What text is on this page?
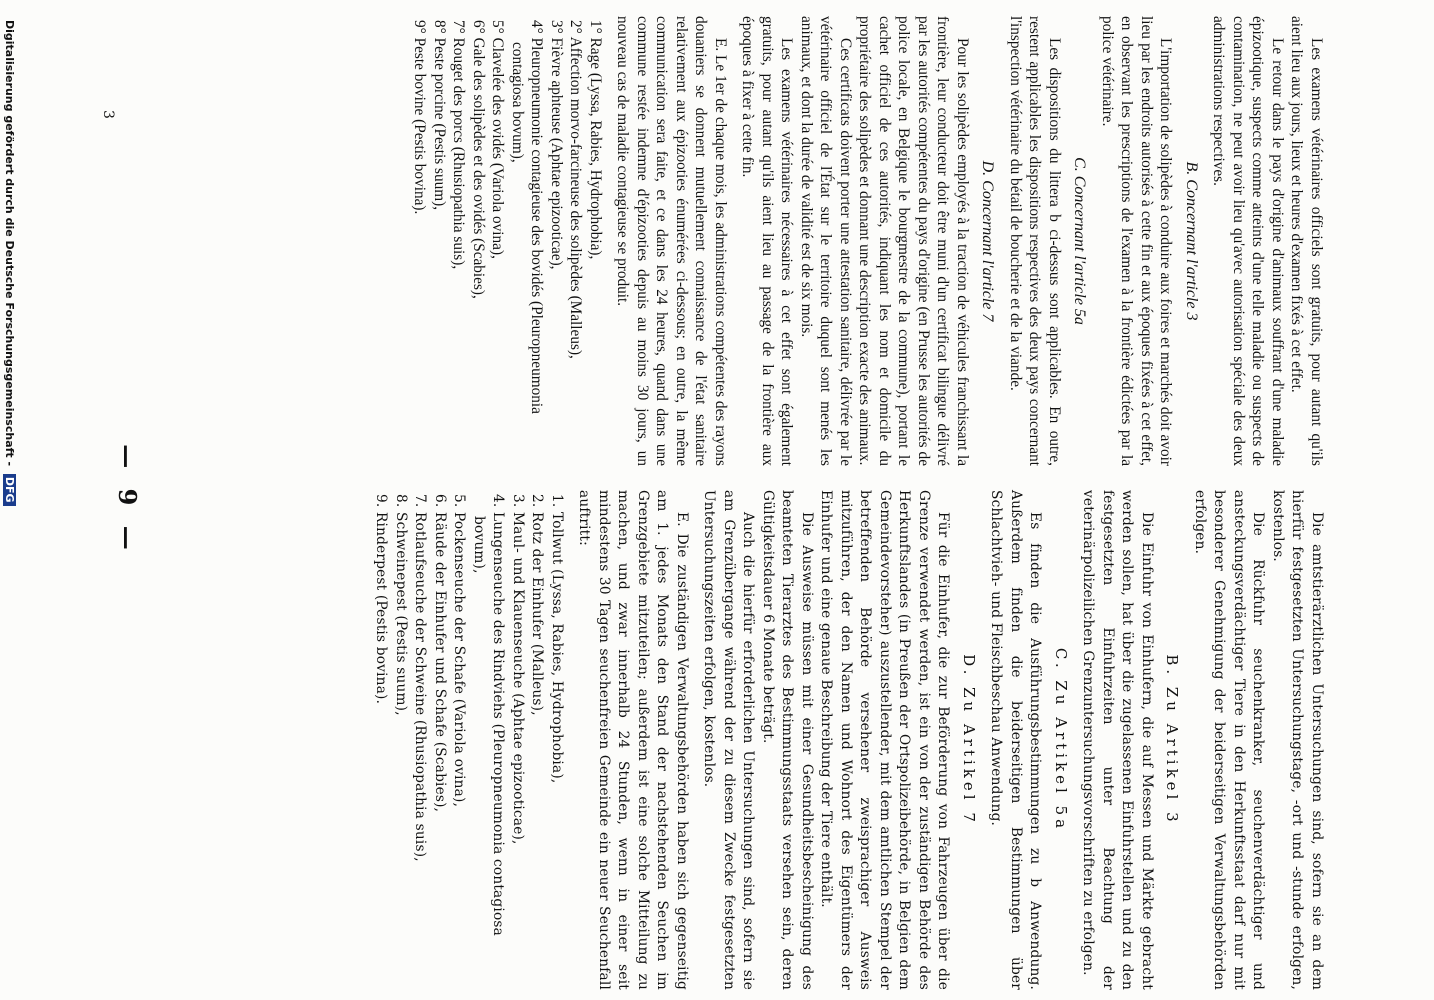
— 9 —

Die amtstierärztlichen Untersuchungen sind, sofern sie an dem hierfür festgesetzten Untersuchungstage, -ort und -stunde erfolgen, kostenlos.

Die Rückfuhr seuchenkranker, seuchenverdächtiger und ansteckungsverdächtiger Tiere in den Herkunftsstaat darf nur mit besonderer Genehmigung der beiderseitigen Verwaltungsbehörden erfolgen.

B. Zu Artikel 3

Die Einfuhr von Einhufern, die auf Messen und Märkte gebracht werden sollen, hat über die zugelassenen Einfuhrstellen und zu den festgesetzten Einfuhrzeiten unter Beachtung der veterinärpolizeilichen Grenzuntersuchungsvorschriften zu erfolgen.

C. Zu Artikel 5a

Es finden die Ausführungsbestimmungen zu b Anwendung. Außerdem finden die beiderseitigen Bestimmungen über Schlachtvieh- und Fleischbeschau Anwendung.

D. Zu Artikel 7

Für die Einhufer, die zur Beförderung von Fahrzeugen über die Grenze verwendet werden, ist ein von der zuständigen Behörde des Herkunftslandes (in Preußen der Ortspolizeibehörde, in Belgien dem Gemeindevorsteher) auszustellender, mit dem amtlichen Stempel der betreffenden Behörde versehener zweisprachiger Ausweis mitzuführen, der den Namen und Wohnort des Eigentümers der Einhufer und eine genaue Beschreibung der Tiere enthält.

Die Ausweise müssen mit einer Gesundheitsbescheinigung des beamteten Tierarztes des Bestimmungsstaats versehen sein, deren Gültigkeitsdauer 6 Monate beträgt.

Auch die hierfür erforderlichen Untersuchungen sind, sofern sie am Grenzübergange während der zu diesem Zwecke festgesetzten Untersuchungszeiten erfolgen, kostenlos.

E. Die zuständigen Verwaltungsbehörden haben sich gegenseitig am 1. jedes Monats den Stand der nachstehenden Seuchen im Grenzgebiete mitzuteilen; außerdem ist eine solche Mitteilung zu machen, und zwar innerhalb 24 Stunden, wenn in einer seit mindestens 30 Tagen seuchenfreien Gemeinde ein neuer Seuchenfall auftritt:

1. Tollwut (Lyssa, Rabies, Hydrophobia),
2. Rotz der Einhufer (Malleus),
3. Maul- und Klauenseuche (Aphtae epizooticae),
4. Lungenseuche des Rindviehs (Pleuropneumonia contagiosa bovum),
5. Pockenseuche der Schafe (Variola ovina),
6. Räude der Einhufer und Schafe (Scabies),
7. Rotlaufseuche der Schweine (Rhusiopathia suis),
8. Schweinepest (Pestis suum),
9. Rinderpest (Pestis bovina).

Les examens vétérinaires officiels sont gratuits, pour autant qu'ils aient lieu aux jours, lieux et heures d'examen fixés à cet effet.

Le retour dans le pays d'origine d'animaux souffrant d'une maladie épizootique, suspects comme atteints d'une telle maladie ou suspects de contamination, ne peut avoir lieu qu'avec autorisation spéciale des deux administrations respectives.

B. Concernant l'article 3

L'importation de solipèdes à conduire aux foires et marchés doit avoir lieu par les endroits autorisés à cette fin et aux époques fixées à cet effet, en observant les prescriptions de l'examen à la frontière édictées par la police vétérinaire.

C. Concernant l'article 5a

Les dispositions du littera b ci-dessus sont applicables. En outre, restent applicables les dispositions respectives des deux pays concernant l'inspection vétérinaire du bétail de boucherie et de la viande.

D. Concernant l'article 7

Pour les solipèdes employés à la traction de véhicules franchissant la frontière, leur conducteur doit être muni d'un certificat bilingue délivré par les autorités compétentes du pays d'origine (en Prusse les autorités de police locale, en Belgique le bourgmestre de la commune), portant le cachet officiel de ces autorités, indiquant les nom et domicile du propriétaire des solipèdes et donnant une description exacte des animaux.

Ces certificats doivent porter une attestation sanitaire, délivrée par le vétérinaire officiel de l'État sur le territoire duquel sont menés les animaux, et dont la durée de validité est de six mois.

Les examens vétérinaires nécessaires à cet effet sont également gratuits, pour autant qu'ils aient lieu au passage de la frontière aux époques à fixer à cette fin.

E. Le 1er de chaque mois, les administrations compétentes des rayons douaniers se donnent mutuellement connaissance de l'état sanitaire relativement aux épizooties énumérées ci-dessous; en outre, la même communication sera faite, et ce dans les 24 heures, quand dans une commune restée indemne d'épizooties depuis au moins 30 jours, un nouveau cas de maladie contagieuse se produit.

1° Rage (Lyssa, Rabies, Hydrophobia),
2° Affection morvo-farcineuse des solipèdes (Malleus),
3° Fièvre aphteuse (Aphtae epizooticae),
4° Pleuropneumonie contagieuse des bovidés (Pleuropneumonia contagiosa bovum),
5° Clavelée des ovidés (Variola ovina),
6° Gale des solipèdes et des ovidés (Scabies),
7° Rouget des porcs (Rhusiopathia suis),
8° Peste porcine (Pestis suum),
9° Peste bovine (Pestis bovina).
3
Digitalisierung gefördert durch die Deutsche Forschungsgemeinschaft - DFG
